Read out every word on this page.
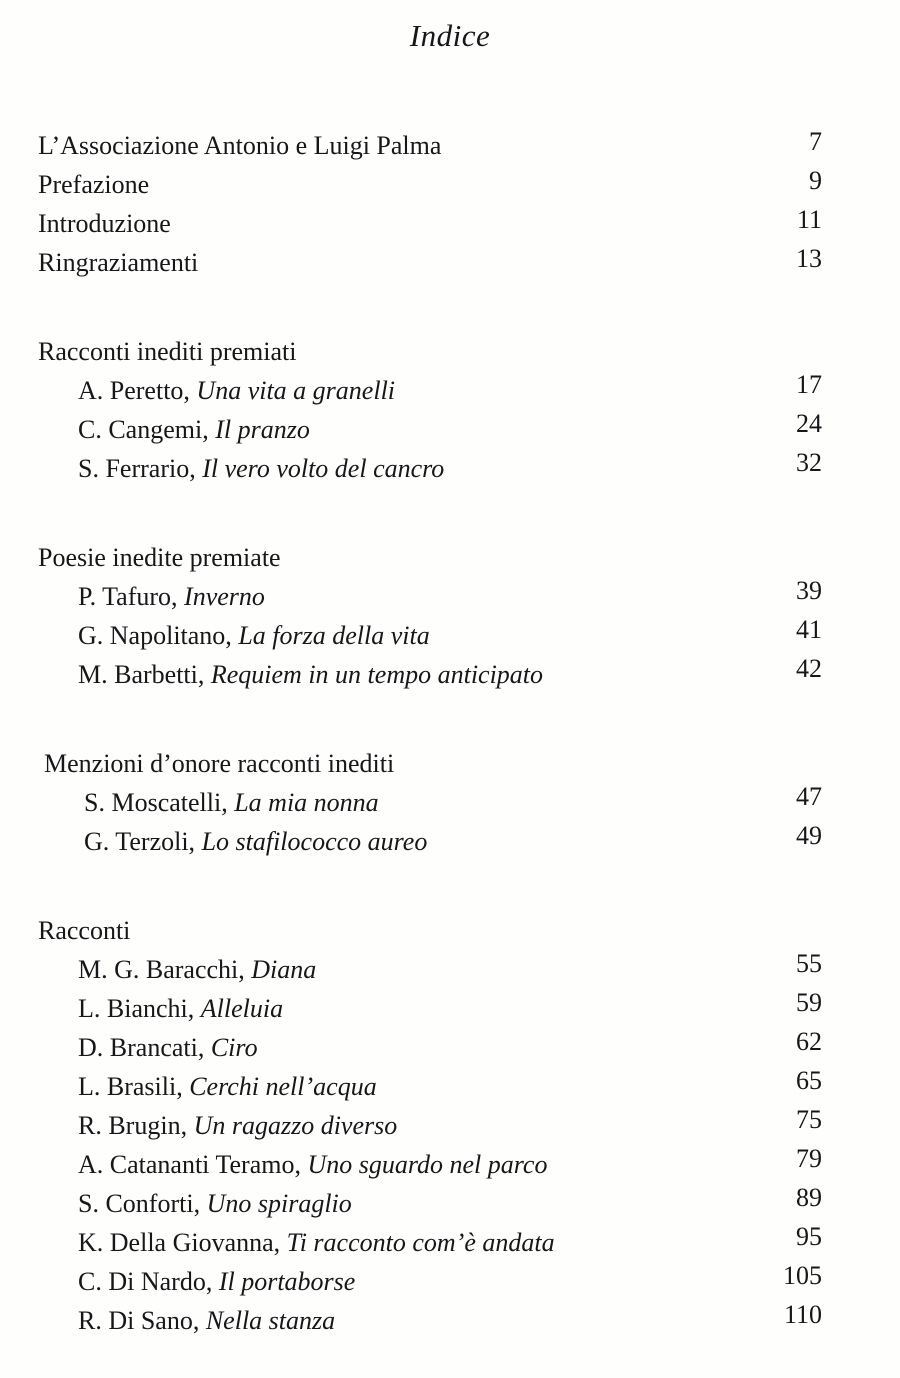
Indice
L’Associazione Antonio e Luigi Palma	7
Prefazione	9
Introduzione	11
Ringraziamenti	13
Racconti inediti premiati
A. Peretto, Una vita a granelli	17
C. Cangemi, Il pranzo	24
S. Ferrario, Il vero volto del cancro	32
Poesie inedite premiate
P. Tafuro, Inverno	39
G. Napolitano, La forza della vita	41
M. Barbetti, Requiem in un tempo anticipato	42
Menzioni d’onore racconti inediti
S. Moscatelli, La mia nonna	47
G. Terzoli, Lo stafilococco aureo	49
Racconti
M. G. Baracchi, Diana	55
L. Bianchi, Alleluia	59
D. Brancati, Ciro	62
L. Brasili, Cerchi nell’acqua	65
R. Brugin, Un ragazzo diverso	75
A. Catananti Teramo, Uno sguardo nel parco	79
S. Conforti, Uno spiraglio	89
K. Della Giovanna, Ti racconto com’è andata	95
C. Di Nardo, Il portaborse	105
R. Di Sano, Nella stanza	110
